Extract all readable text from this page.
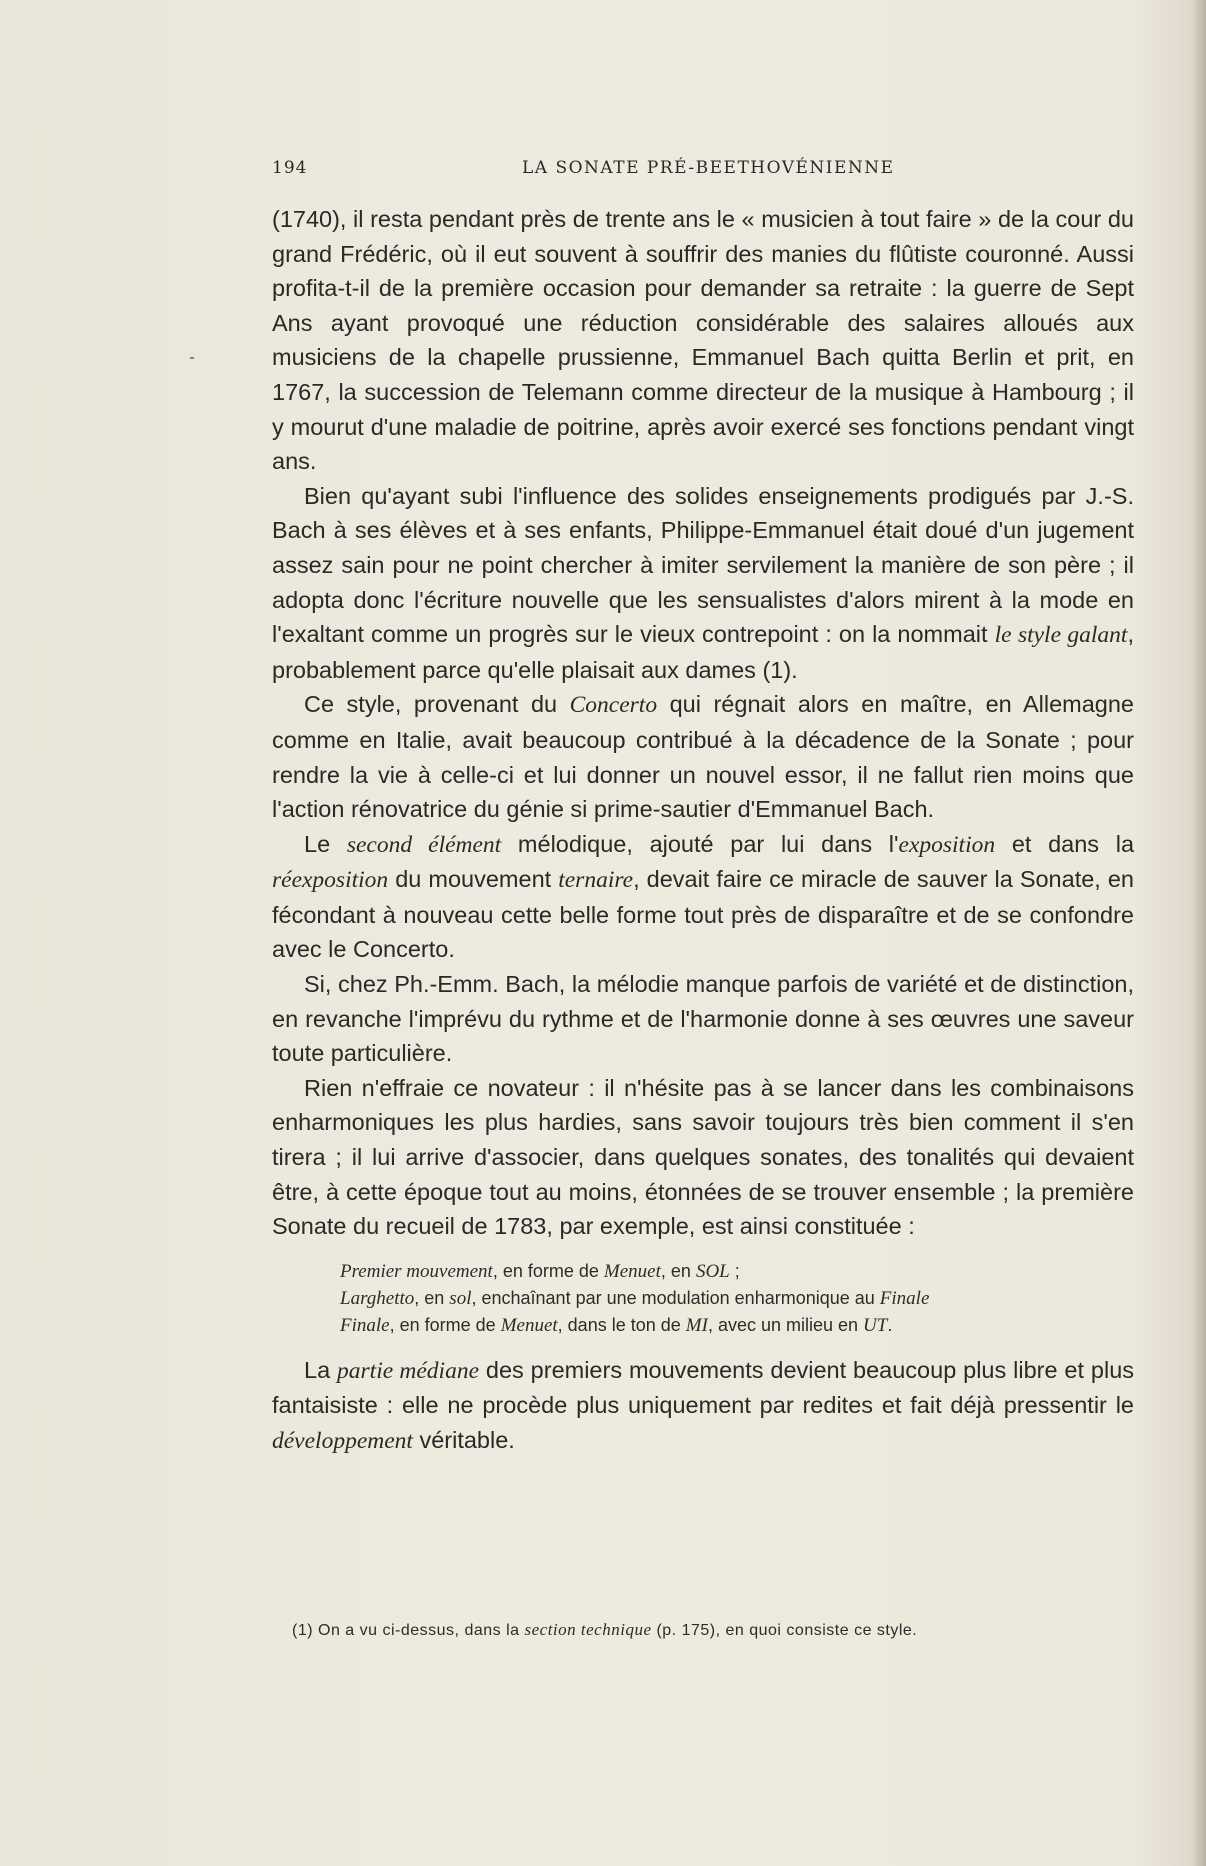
194	LA SONATE PRÉ-BEETHOVÉNIENNE

(1740), il resta pendant près de trente ans le « musicien à tout faire » de la cour du grand Frédéric, où il eut souvent à souffrir des manies du flûtiste couronné. Aussi profita-t-il de la première occasion pour demander sa retraite : la guerre de Sept Ans ayant provoqué une réduction considérable des salaires alloués aux musiciens de la chapelle prussienne, Emmanuel Bach quitta Berlin et prit, en 1767, la succession de Telemann comme directeur de la musique à Hambourg ; il y mourut d'une maladie de poitrine, après avoir exercé ses fonctions pendant vingt ans.

Bien qu'ayant subi l'influence des solides enseignements prodigués par J.-S. Bach à ses élèves et à ses enfants, Philippe-Emmanuel était doué d'un jugement assez sain pour ne point chercher à imiter servilement la manière de son père ; il adopta donc l'écriture nouvelle que les sensualistes d'alors mirent à la mode en l'exaltant comme un progrès sur le vieux contrepoint : on la nommait le style galant, probablement parce qu'elle plaisait aux dames (1).

Ce style, provenant du Concerto qui régnait alors en maître, en Allemagne comme en Italie, avait beaucoup contribué à la décadence de la Sonate ; pour rendre la vie à celle-ci et lui donner un nouvel essor, il ne fallut rien moins que l'action rénovatrice du génie si prime-sautier d'Emmanuel Bach.

Le second élément mélodique, ajouté par lui dans l'exposition et dans la réexposition du mouvement ternaire, devait faire ce miracle de sauver la Sonate, en fécondant à nouveau cette belle forme tout près de disparaître et de se confondre avec le Concerto.

Si, chez Ph.-Emm. Bach, la mélodie manque parfois de variété et de distinction, en revanche l'imprévu du rythme et de l'harmonie donne à ses œuvres une saveur toute particulière.

Rien n'effraie ce novateur : il n'hésite pas à se lancer dans les combinaisons enharmoniques les plus hardies, sans savoir toujours très bien comment il s'en tirera ; il lui arrive d'associer, dans quelques sonates, des tonalités qui devaient être, à cette époque tout au moins, étonnées de se trouver ensemble ; la première Sonate du recueil de 1783, par exemple, est ainsi constituée :

Premier mouvement, en forme de Menuet, en SOL ;
Larghetto, en sol, enchaînant par une modulation enharmonique au Finale
Finale, en forme de Menuet, dans le ton de MI, avec un milieu en UT.

La partie médiane des premiers mouvements devient beaucoup plus libre et plus fantaisiste : elle ne procède plus uniquement par redites et fait déjà pressentir le développement véritable.

(1) On a vu ci-dessus, dans la section technique (p. 175), en quoi consiste ce style.
